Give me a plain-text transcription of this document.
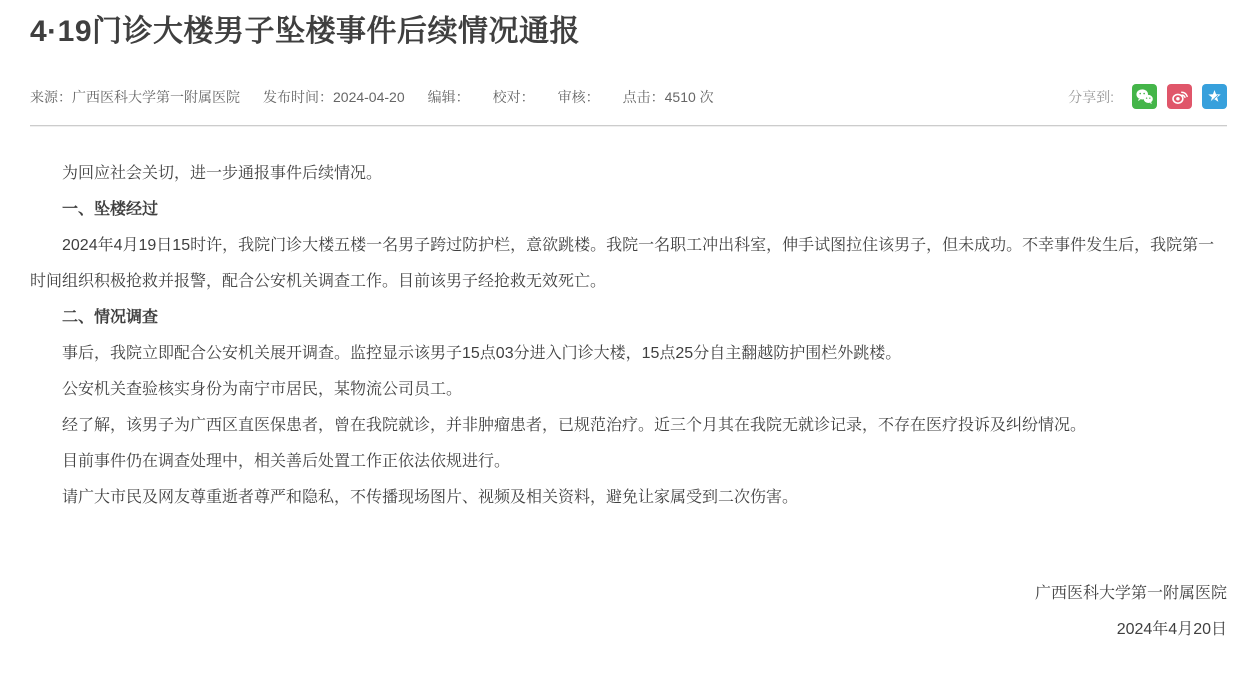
4·19门诊大楼男子坠楼事件后续情况通报
来源：广西医科大学第一附属医院 发布时间：2024-04-20 编辑： 校对： 审核： 点击：4510 次	分享到:

为回应社会关切，进一步通报事件后续情况。

一、坠楼经过

2024年4月19日15时许，我院门诊大楼五楼一名男子跨过防护栏，意欲跳楼。我院一名职工冲出科室，伸手试图拉住该男子，但未成功。不幸事件发生后，我院第一时间组织积极抢救并报警，配合公安机关调查工作。目前该男子经抢救无效死亡。

二、情况调查

事后，我院立即配合公安机关展开调查。监控显示该男子15点03分进入门诊大楼，15点25分自主翻越防护围栏外跳楼。

公安机关查验核实身份为南宁市居民，某物流公司员工。

经了解，该男子为广西区直医保患者，曾在我院就诊，并非肿瘤患者，已规范治疗。近三个月其在我院无就诊记录，不存在医疗投诉及纠纷情况。

目前事件仍在调查处理中，相关善后处置工作正依法依规进行。

请广大市民及网友尊重逝者尊严和隐私，不传播现场图片、视频及相关资料，避免让家属受到二次伤害。

广西医科大学第一附属医院
2024年4月20日
